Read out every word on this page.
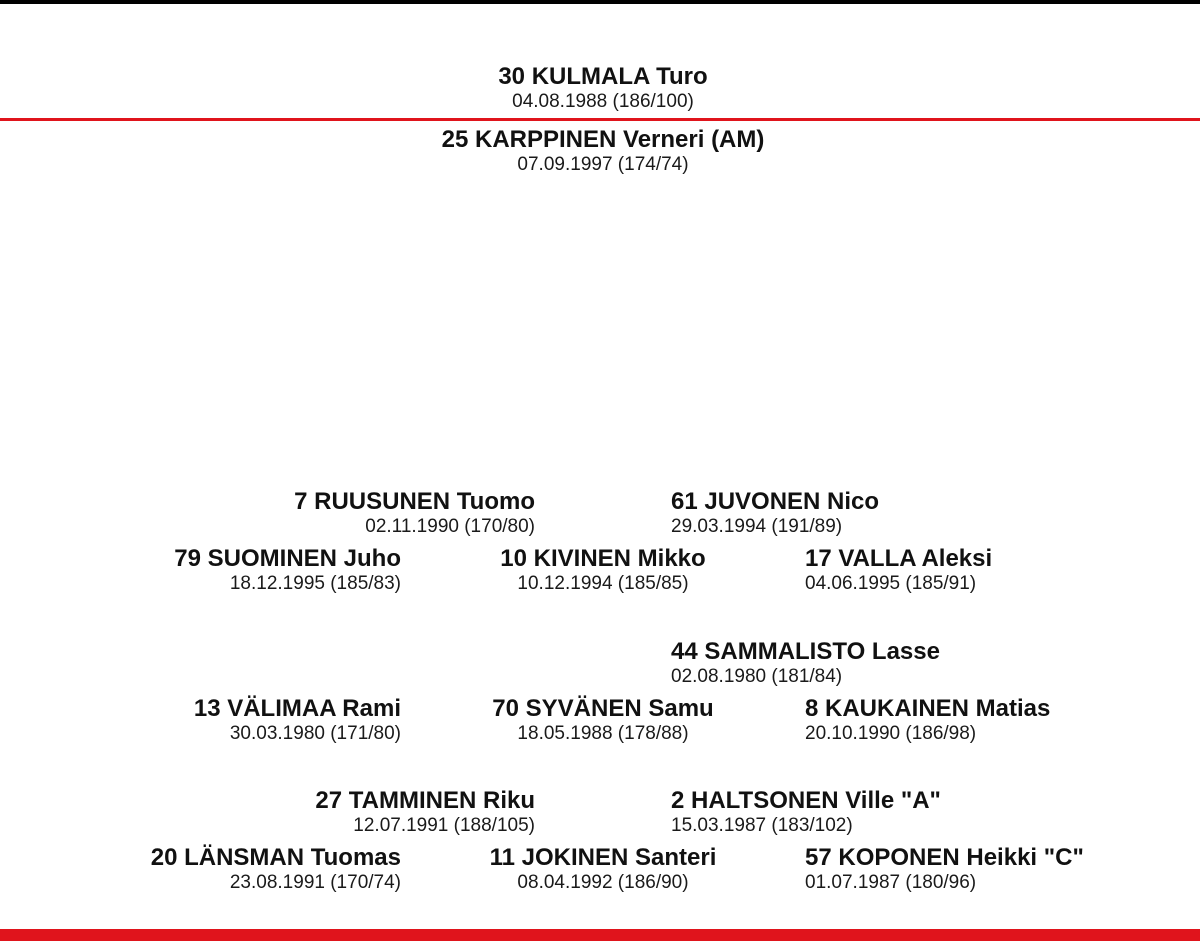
30 KULMALA Turo
04.08.1988 (186/100)
25 KARPPINEN Verneri (AM)
07.09.1997 (174/74)
7 RUUSUNEN Tuomo
02.11.1990 (170/80)
61 JUVONEN Nico
29.03.1994 (191/89)
79 SUOMINEN Juho
18.12.1995 (185/83)
10 KIVINEN Mikko
10.12.1994 (185/85)
17 VALLA Aleksi
04.06.1995 (185/91)
44 SAMMALISTO Lasse
02.08.1980 (181/84)
13 VÄLIMAA Rami
30.03.1980 (171/80)
70 SYVÄNEN Samu
18.05.1988 (178/88)
8 KAUKAINEN Matias
20.10.1990 (186/98)
27 TAMMINEN Riku
12.07.1991 (188/105)
2 HALTSONEN Ville "A"
15.03.1987 (183/102)
20 LÄNSMAN Tuomas
23.08.1991 (170/74)
11 JOKINEN Santeri
08.04.1992 (186/90)
57 KOPONEN Heikki "C"
01.07.1987 (180/96)
